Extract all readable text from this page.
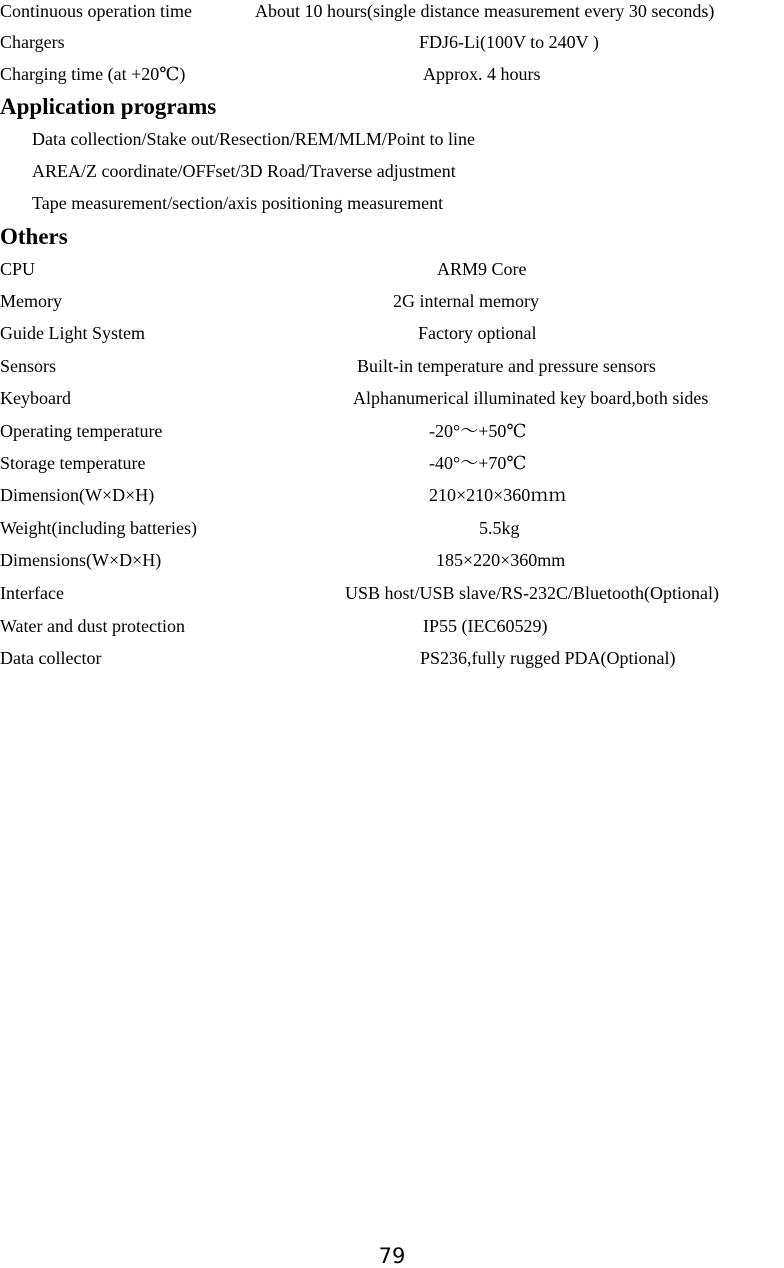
Continuous operation time	About 10 hours(single distance measurement every 30 seconds)
Chargers	FDJ6-Li(100V to 240V )
Charging time (at +20℃)	Approx. 4 hours
Application programs
Data collection/Stake out/Resection/REM/MLM/Point to line
AREA/Z coordinate/OFFset/3D Road/Traverse adjustment
Tape measurement/section/axis positioning measurement
Others
CPU	ARM9 Core
Memory	2G internal memory
Guide Light System	Factory optional
Sensors	Built-in temperature and pressure sensors
Keyboard	Alphanumerical illuminated key board,both sides
Operating temperature	-20°～+50℃
Storage temperature	-40°～+70℃
Dimension(W×D×H)	210×210×360ｍｍ
Weight(including batteries)	5.5kg
Dimensions(W×D×H)	185×220×360mm
Interface	USB host/USB slave/RS-232C/Bluetooth(Optional)
Water and dust protection	IP55 (IEC60529)
Data collector	PS236,fully rugged PDA(Optional)
79
